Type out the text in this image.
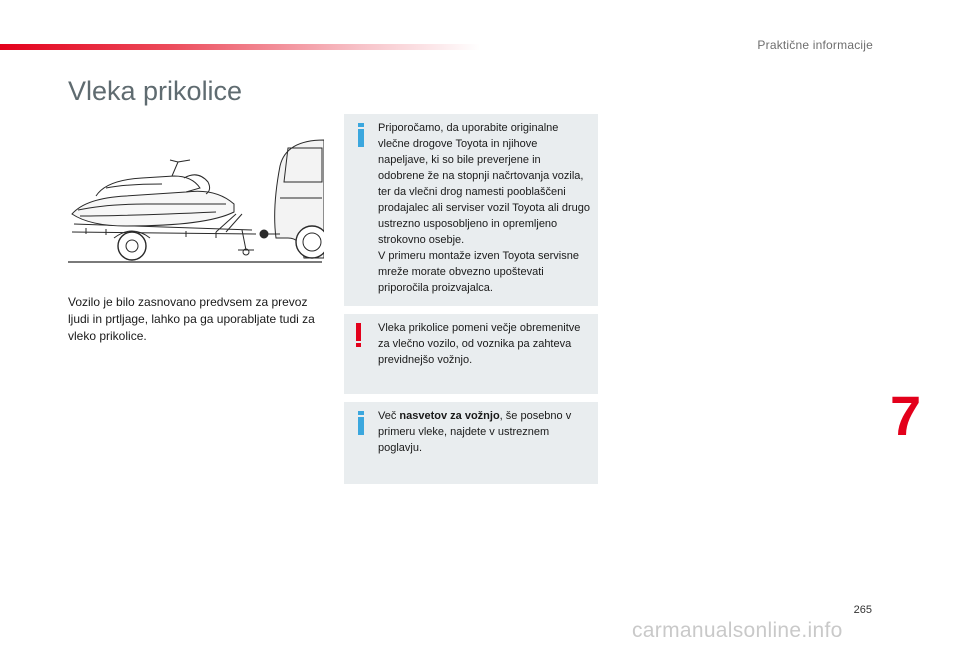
Praktične informacije
Vleka prikolice

Vozilo je bilo zasnovano predvsem za prevoz ljudi in prtljage, lahko pa ga uporabljate tudi za vleko prikolice.

Priporočamo, da uporabite originalne vlečne drogove Toyota in njihove napeljave, ki so bile preverjene in odobrene že na stopnji načrtovanja vozila, ter da vlečni drog namesti pooblaščeni prodajalec ali serviser vozil Toyota ali drugo ustrezno usposobljeno in opremljeno strokovno osebje.

V primeru montaže izven Toyota servisne mreže morate obvezno upoštevati priporočila proizvajalca.

Vleka prikolice pomeni večje obremenitve za vlečno vozilo, od voznika pa zahteva previdnejšo vožnjo.

Več nasvetov za vožnjo, še posebno v primeru vleke, najdete v ustreznem poglavju.

7
265
carmanualsonline.info
